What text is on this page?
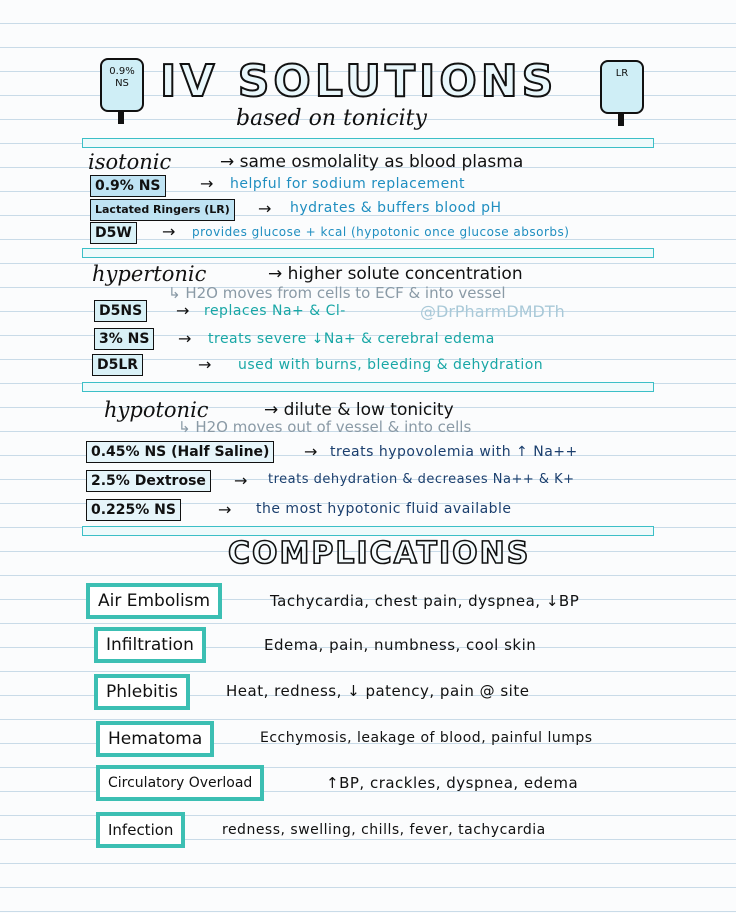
0.9% NS
LR
IV SOLUTIONS
based on tonicity
isotonic	→ same osmolality as blood plasma
0.9% NS	→ helpful for sodium replacement
Lactated Ringers (LR)	→ hydrates & buffers blood pH
D5W	→ provides glucose + kcal (hypotonic once glucose absorbs)
hypertonic	→ higher solute concentration
↳ H2O moves from cells to ECF & into vessel
D5NS	→ replaces Na+ & Cl-	@DrPharmDMDTh
3% NS	→ treats severe ↓Na+ & cerebral edema
D5LR	→ used with burns, bleeding & dehydration
hypotonic	→ dilute & low tonicity
↳ H2O moves out of vessel & into cells
0.45% NS (Half Saline)	→ treats hypovolemia with ↑ Na++
2.5% Dextrose	→ treats dehydration & decreases Na++ & K+
0.225% NS	→ the most hypotonic fluid available
COMPLICATIONS
Air Embolism	Tachycardia, chest pain, dyspnea, ↓BP
Infiltration	Edema, pain, numbness, cool skin
Phlebitis	Heat, redness, ↓ patency, pain @ site
Hematoma	Ecchymosis, leakage of blood, painful lumps
Circulatory Overload	↑BP, crackles, dyspnea, edema
Infection	redness, swelling, chills, fever, tachycardia
